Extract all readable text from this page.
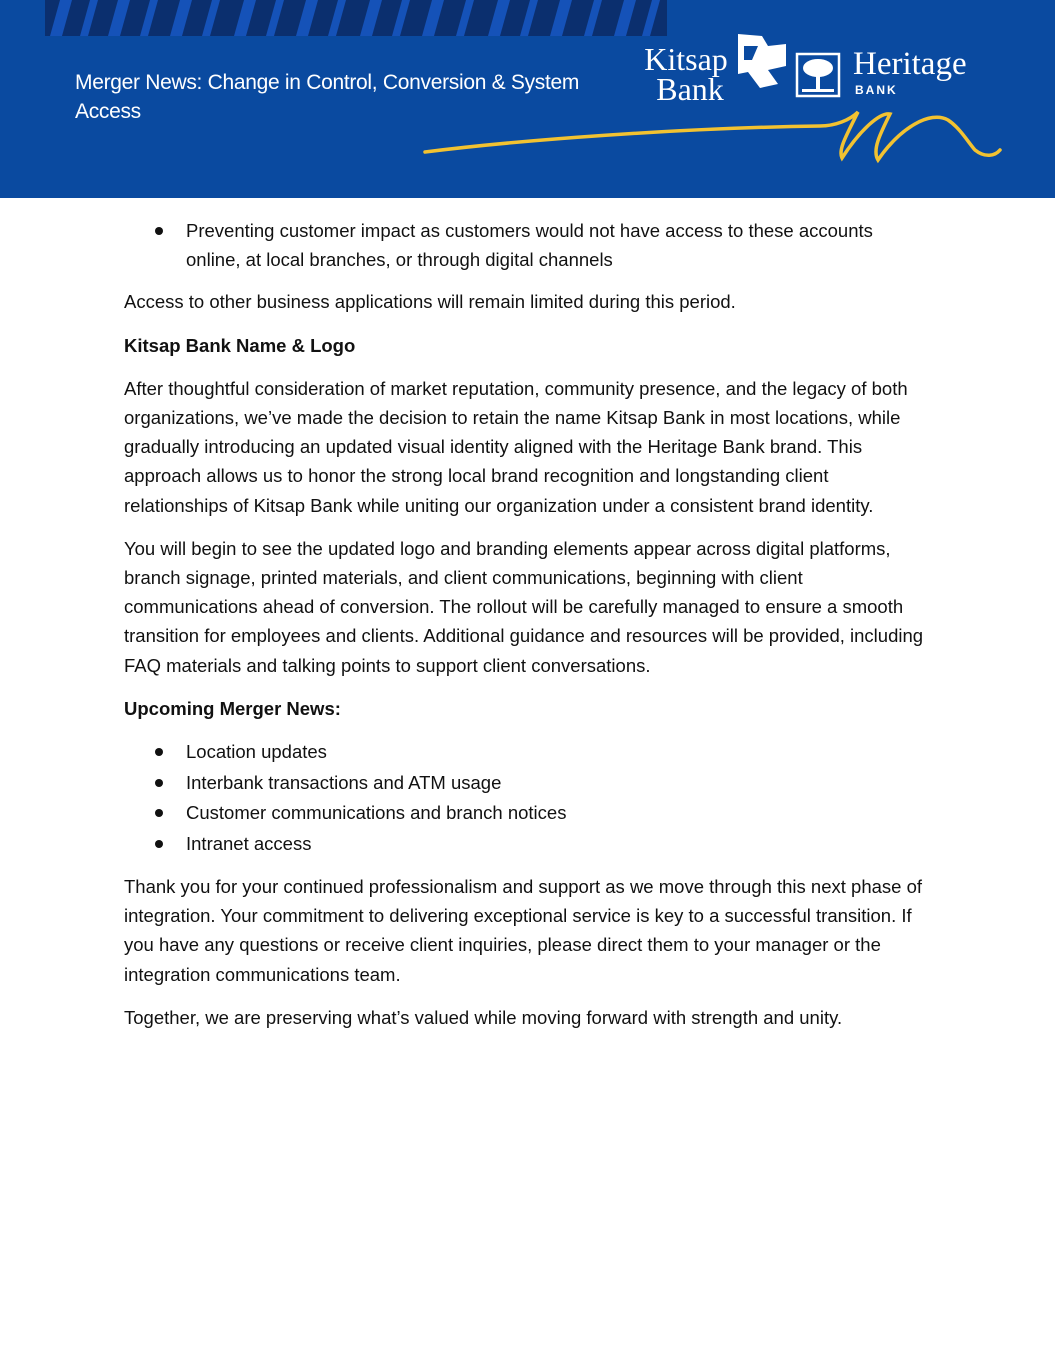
Merger News: Change in Control, Conversion & System Access
Kitsap
Bank
Heritage
BANK
Preventing customer impact as customers would not have access to these accounts online, at local branches, or through digital channels

Access to other business applications will remain limited during this period.

Kitsap Bank Name & Logo

After thoughtful consideration of market reputation, community presence, and the legacy of both organizations, we’ve made the decision to retain the name Kitsap Bank in most locations, while gradually introducing an updated visual identity aligned with the Heritage Bank brand. This approach allows us to honor the strong local brand recognition and longstanding client relationships of Kitsap Bank while uniting our organization under a consistent brand identity.

You will begin to see the updated logo and branding elements appear across digital platforms, branch signage, printed materials, and client communications, beginning with client communications ahead of conversion. The rollout will be carefully managed to ensure a smooth transition for employees and clients. Additional guidance and resources will be provided, including FAQ materials and talking points to support client conversations.

Upcoming Merger News:

Location updates
Interbank transactions and ATM usage
Customer communications and branch notices
Intranet access

Thank you for your continued professionalism and support as we move through this next phase of integration. Your commitment to delivering exceptional service is key to a successful transition. If you have any questions or receive client inquiries, please direct them to your manager or the integration communications team.

Together, we are preserving what’s valued while moving forward with strength and unity.
